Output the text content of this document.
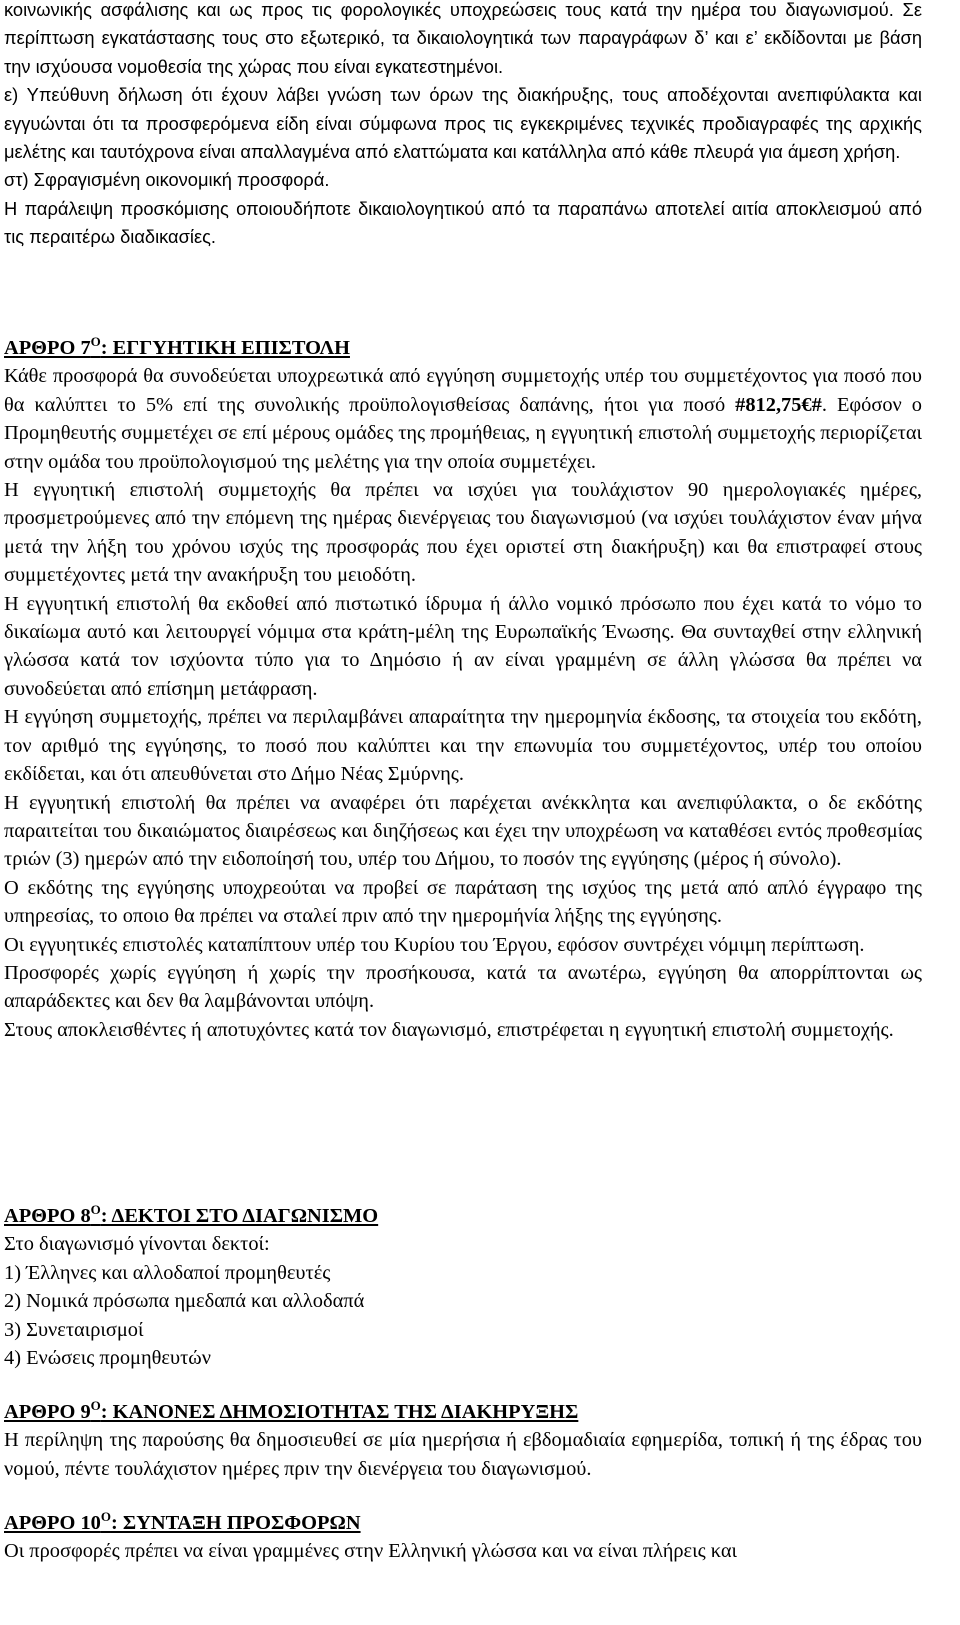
κοινωνικής ασφάλισης και ως προς τις φορολογικές υποχρεώσεις τους κατά την ημέρα του διαγωνισμού. Σε περίπτωση εγκατάστασης τους στο εξωτερικό, τα δικαιολογητικά των παραγράφων δ’ και ε’ εκδίδονται με βάση την ισχύουσα νομοθεσία της χώρας που είναι εγκατεστημένοι.

ε) Υπεύθυνη δήλωση ότι έχουν λάβει γνώση των όρων της διακήρυξης, τους αποδέχονται ανεπιφύλακτα και εγγυώνται ότι τα προσφερόμενα είδη είναι σύμφωνα προς τις εγκεκριμένες τεχνικές προδιαγραφές της αρχικής μελέτης και ταυτόχρονα είναι απαλλαγμένα από ελαττώματα και κατάλληλα από κάθε πλευρά για άμεση χρήση.

στ) Σφραγισμένη οικονομική προσφορά.

Η παράλειψη προσκόμισης οποιουδήποτε δικαιολογητικού από τα παραπάνω αποτελεί αιτία αποκλεισμού από τις περαιτέρω διαδικασίες.

ΑΡΘΡΟ $7^O$: ΕΓΓΥΗΤΙΚΗ ΕΠΙΣΤΟΛΗ

Κάθε προσφορά θα συνοδεύεται υποχρεωτικά από εγγύηση συμμετοχής υπέρ του συμμετέχοντος για ποσό που θα καλύπτει το 5% επί της συνολικής προϋπολογισθείσας δαπάνης, ήτοι για ποσό #812,75€#. Εφόσον ο Προμηθευτής συμμετέχει σε επί μέρους ομάδες της προμήθειας, η εγγυητική επιστολή συμμετοχής περιορίζεται στην ομάδα του προϋπολογισμού της μελέτης για την οποία συμμετέχει.

Η εγγυητική επιστολή συμμετοχής θα πρέπει να ισχύει για τουλάχιστον 90 ημερολογιακές ημέρες, προσμετρούμενες από την επόμενη της ημέρας διενέργειας του διαγωνισμού (να ισχύει τουλάχιστον έναν μήνα μετά την λήξη του χρόνου ισχύς της προσφοράς που έχει οριστεί στη διακήρυξη) και θα επιστραφεί στους συμμετέχοντες μετά την ανακήρυξη του μειοδότη.

Η εγγυητική επιστολή θα εκδοθεί από πιστωτικό ίδρυμα ή άλλο νομικό πρόσωπο που έχει κατά το νόμο το δικαίωμα αυτό και λειτουργεί νόμιμα στα κράτη-μέλη της Ευρωπαϊκής Ένωσης. Θα συνταχθεί στην ελληνική γλώσσα κατά τον ισχύοντα τύπο για το Δημόσιο ή αν είναι γραμμένη σε άλλη γλώσσα θα πρέπει να συνοδεύεται από επίσημη μετάφραση.

Η εγγύηση συμμετοχής, πρέπει να περιλαμβάνει απαραίτητα την ημερομηνία έκδοσης, τα στοιχεία του εκδότη, τον αριθμό της εγγύησης, το ποσό που καλύπτει και την επωνυμία του συμμετέχοντος, υπέρ του οποίου εκδίδεται, και ότι απευθύνεται στο Δήμο Νέας Σμύρνης.

Η εγγυητική επιστολή θα πρέπει να αναφέρει ότι παρέχεται ανέκκλητα και ανεπιφύλακτα, ο δε εκδότης παραιτείται του δικαιώματος διαιρέσεως και διηζήσεως και έχει την υποχρέωση να καταθέσει εντός προθεσμίας τριών (3) ημερών από την ειδοποίησή του, υπέρ του Δήμου, το ποσόν της εγγύησης (μέρος ή σύνολο).

Ο εκδότης της εγγύησης υποχρεούται να προβεί σε παράταση της ισχύος της μετά από απλό έγγραφο της υπηρεσίας, το οποιο θα πρέπει να σταλεί πριν από την ημερομήνία λήξης της εγγύησης.

Οι εγγυητικές επιστολές καταπίπτουν υπέρ του Κυρίου του Έργου, εφόσον συντρέχει νόμιμη περίπτωση.

Προσφορές χωρίς εγγύηση ή χωρίς την προσήκουσα, κατά τα ανωτέρω, εγγύηση θα απορρίπτονται ως απαράδεκτες και δεν θα λαμβάνονται υπόψη.

Στους αποκλεισθέντες ή αποτυχόντες κατά τον διαγωνισμό, επιστρέφεται η εγγυητική επιστολή συμμετοχής.

ΑΡΘΡΟ $8^O$: ΔΕΚΤΟΙ ΣΤΟ ΔΙΑΓΩΝΙΣΜΟ

Στο διαγωνισμό γίνονται δεκτοί:

1) Έλληνες και αλλοδαποί προμηθευτές

2) Νομικά πρόσωπα ημεδαπά και αλλοδαπά

3) Συνεταιρισμοί

4) Ενώσεις προμηθευτών

ΑΡΘΡΟ $9^O$: ΚΑΝΟΝΕΣ ΔΗΜΟΣΙΟΤΗΤΑΣ ΤΗΣ ΔΙΑΚΗΡΥΞΗΣ

Η περίληψη της παρούσης θα δημοσιευθεί σε μία ημερήσια ή εβδομαδιαία εφημερίδα, τοπική ή της έδρας του νομού, πέντε τουλάχιστον ημέρες πριν την διενέργεια του διαγωνισμού.

ΑΡΘΡΟ $10^O$: ΣΥΝΤΑΞΗ ΠΡΟΣΦΟΡΩΝ

Οι προσφορές πρέπει να είναι γραμμένες στην Ελληνική γλώσσα και να είναι πλήρεις και
